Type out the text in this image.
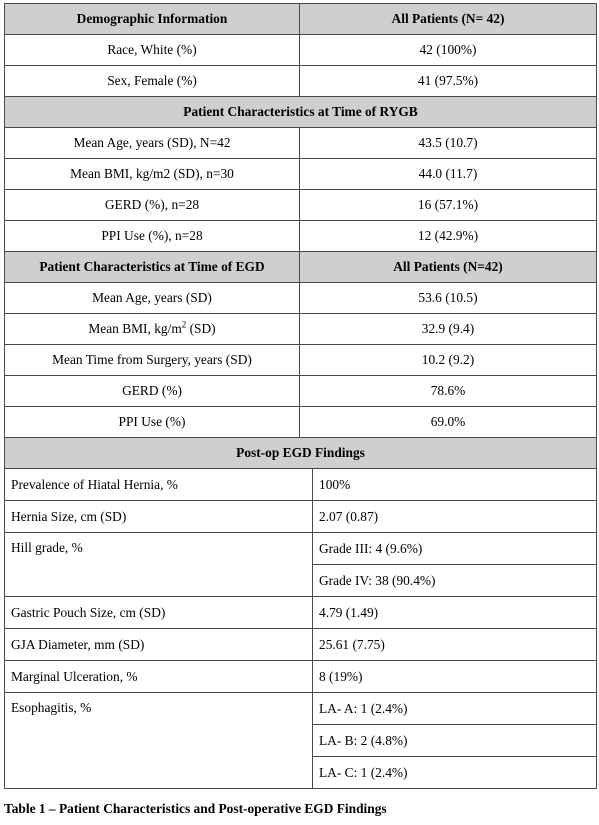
Demographic Information	All Patients (N= 42)
Race, White (%)	42 (100%)
Sex, Female (%)	41 (97.5%)
Patient Characteristics at Time of RYGB	
Mean Age, years (SD), N=42	43.5 (10.7)
Mean BMI, kg/m2 (SD), n=30	44.0 (11.7)
GERD (%), n=28	16 (57.1%)
PPI Use (%), n=28	12 (42.9%)
Patient Characteristics at Time of EGD	All Patients (N=42)
Mean Age, years (SD)	53.6 (10.5)
Mean BMI, $kg/m^2$ (SD)	32.9 (9.4)
Mean Time from Surgery, years (SD)	10.2 (9.2)
GERD (%)	78.6%
PPI Use (%)	69.0%
Post-op EGD Findings	
Prevalence of Hiatal Hernia, %	100%
Hernia Size, cm (SD)	2.07 (0.87)
Hill grade, %	Grade III: 4 (9.6%)
	Grade IV: 38 (90.4%)
Gastric Pouch Size, cm (SD)	4.79 (1.49)
GJA Diameter, mm (SD)	25.61 (7.75)
Marginal Ulceration, %	8 (19%)
Esophagitis, %	LA- A: 1 (2.4%)
	LA- B: 2 (4.8%)
	LA- C: 1 (2.4%)
Table 1 – Patient Characteristics and Post-operative EGD Findings
